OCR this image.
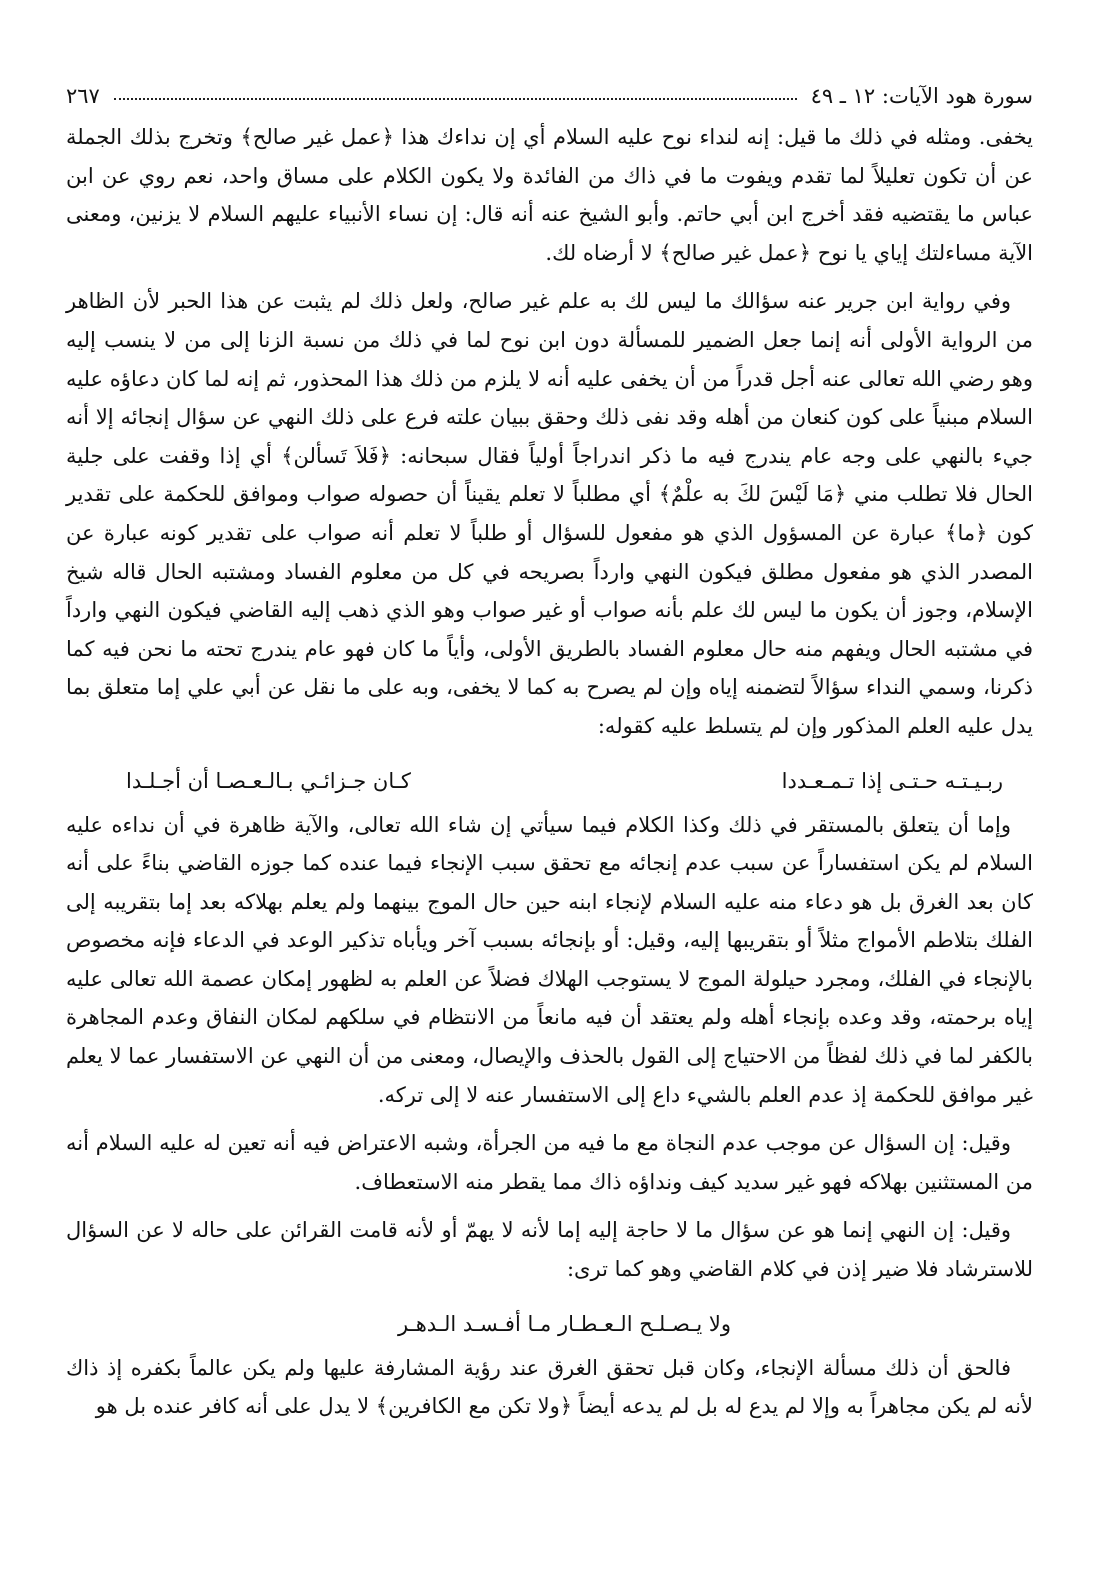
سورة هود الآيات: ١٢ ـ ٤٩
٢٦٧

يخفى. ومثله في ذلك ما قيل: إنه لنداء نوح عليه السلام أي إن نداءك هذا ﴿عمل غير صالح﴾ وتخرج بذلك الجملة عن أن تكون تعليلاً لما تقدم ويفوت ما في ذاك من الفائدة ولا يكون الكلام على مساق واحد، نعم روي عن ابن عباس ما يقتضيه فقد أخرج ابن أبي حاتم. وأبو الشيخ عنه أنه قال: إن نساء الأنبياء عليهم السلام لا يزنين، ومعنى الآية مساءلتك إياي يا نوح ﴿عمل غير صالح﴾ لا أرضاه لك.

وفي رواية ابن جرير عنه سؤالك ما ليس لك به علم غير صالح، ولعل ذلك لم يثبت عن هذا الحبر لأن الظاهر من الرواية الأولى أنه إنما جعل الضمير للمسألة دون ابن نوح لما في ذلك من نسبة الزنا إلى من لا ينسب إليه وهو رضي الله تعالى عنه أجل قدراً من أن يخفى عليه أنه لا يلزم من ذلك هذا المحذور، ثم إنه لما كان دعاؤه عليه السلام مبنياً على كون كنعان من أهله وقد نفى ذلك وحقق ببيان علته فرع على ذلك النهي عن سؤال إنجائه إلا أنه جيء بالنهي على وجه عام يندرج فيه ما ذكر اندراجاً أولياً فقال سبحانه: ﴿فَلاَ تَسألن﴾ أي إذا وقفت على جلية الحال فلا تطلب مني ﴿مَا لَيْسَ لكَ به علْمٌ﴾ أي مطلباً لا تعلم يقيناً أن حصوله صواب وموافق للحكمة على تقدير كون ﴿ما﴾ عبارة عن المسؤول الذي هو مفعول للسؤال أو طلباً لا تعلم أنه صواب على تقدير كونه عبارة عن المصدر الذي هو مفعول مطلق فيكون النهي وارداً بصريحه في كل من معلوم الفساد ومشتبه الحال قاله شيخ الإسلام، وجوز أن يكون ما ليس لك علم بأنه صواب أو غير صواب وهو الذي ذهب إليه القاضي فيكون النهي وارداً في مشتبه الحال ويفهم منه حال معلوم الفساد بالطريق الأولى، وأياً ما كان فهو عام يندرج تحته ما نحن فيه كما ذكرنا، وسمي النداء سؤالاً لتضمنه إياه وإن لم يصرح به كما لا يخفى، وبه على ما نقل عن أبي علي إما متعلق بما يدل عليه العلم المذكور وإن لم يتسلط عليه كقوله:

ربـيـتـه حـتـى إذا تـمـعـددا
كـان جـزائـي بـالـعـصـا أن أجـلـدا

وإما أن يتعلق بالمستقر في ذلك وكذا الكلام فيما سيأتي إن شاء الله تعالى، والآية ظاهرة في أن نداءه عليه السلام لم يكن استفساراً عن سبب عدم إنجائه مع تحقق سبب الإنجاء فيما عنده كما جوزه القاضي بناءً على أنه كان بعد الغرق بل هو دعاء منه عليه السلام لإنجاء ابنه حين حال الموج بينهما ولم يعلم بهلاكه بعد إما بتقريبه إلى الفلك بتلاطم الأمواج مثلاً أو بتقريبها إليه، وقيل: أو بإنجائه بسبب آخر ويأباه تذكير الوعد في الدعاء فإنه مخصوص بالإنجاء في الفلك، ومجرد حيلولة الموج لا يستوجب الهلاك فضلاً عن العلم به لظهور إمكان عصمة الله تعالى عليه إياه برحمته، وقد وعده بإنجاء أهله ولم يعتقد أن فيه مانعاً من الانتظام في سلكهم لمكان النفاق وعدم المجاهرة بالكفر لما في ذلك لفظاً من الاحتياج إلى القول بالحذف والإيصال، ومعنى من أن النهي عن الاستفسار عما لا يعلم غير موافق للحكمة إذ عدم العلم بالشيء داع إلى الاستفسار عنه لا إلى تركه.

وقيل: إن السؤال عن موجب عدم النجاة مع ما فيه من الجرأة، وشبه الاعتراض فيه أنه تعين له عليه السلام أنه من المستثنين بهلاكه فهو غير سديد كيف ونداؤه ذاك مما يقطر منه الاستعطاف.

وقيل: إن النهي إنما هو عن سؤال ما لا حاجة إليه إما لأنه لا يهمّ أو لأنه قامت القرائن على حاله لا عن السؤال للاسترشاد فلا ضير إذن في كلام القاضي وهو كما ترى:

ولا يـصـلـح الـعـطـار مـا أفـسـد الـدهـر

فالحق أن ذلك مسألة الإنجاء، وكان قبل تحقق الغرق عند رؤية المشارفة عليها ولم يكن عالماً بكفره إذ ذاك لأنه لم يكن مجاهراً به وإلا لم يدع له بل لم يدعه أيضاً ﴿ولا تكن مع الكافرين﴾ لا يدل على أنه كافر عنده بل هو
